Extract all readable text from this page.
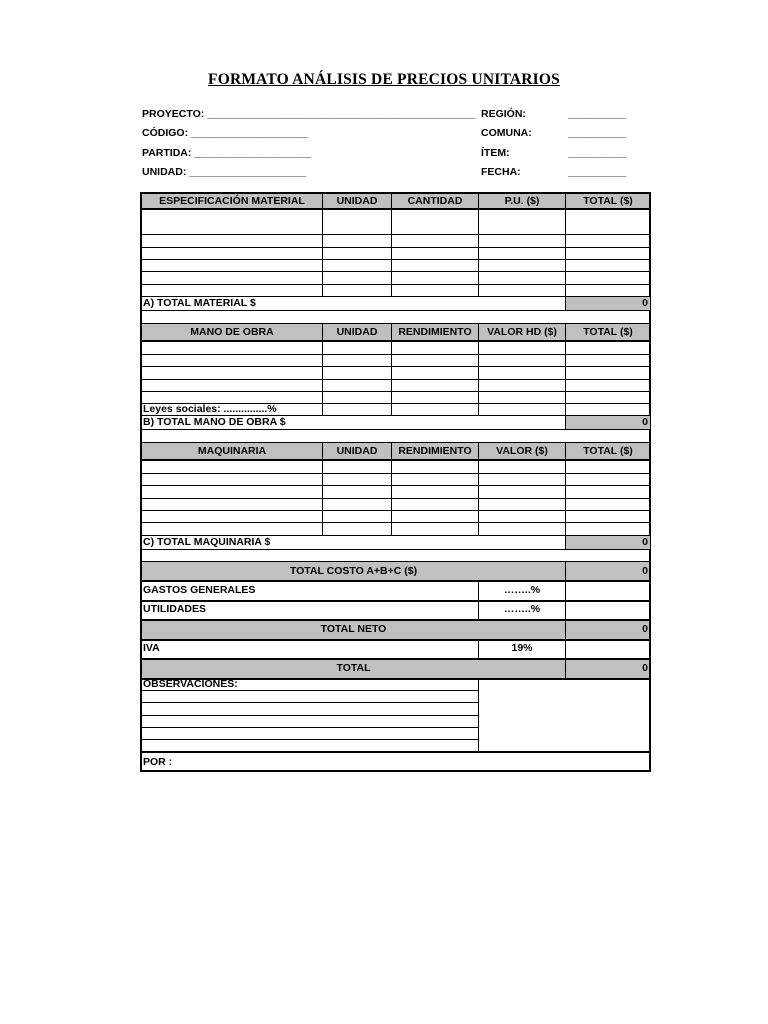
FORMATO ANÁLISIS DE PRECIOS UNITARIOS
PROYECTO: ______________________________________________
CÓDIGO: ____________________
PARTIDA: ____________________
UNIDAD: ____________________
REGIÓN:	__________
COMUNA:	__________
ÍTEM:	__________
FECHA:	__________
ESPECIFICACIÓN MATERIAL	UNIDAD	CANTIDAD	P.U. ($)	TOTAL ($)
A) TOTAL MATERIAL $	0
MANO DE OBRA	UNIDAD	RENDIMIENTO	VALOR HD ($)	TOTAL ($)
Leyes sociales: ...............%
B) TOTAL MANO DE OBRA $	0
MAQUINARIA	UNIDAD	RENDIMIENTO	VALOR ($)	TOTAL ($)
C) TOTAL MAQUINARIA $	0
TOTAL COSTO A+B+C ($)	0
GASTOS GENERALES	……..%
UTILIDADES	……..%
TOTAL NETO	0
IVA	19%
TOTAL	0
OBSERVACIONES:
POR :
